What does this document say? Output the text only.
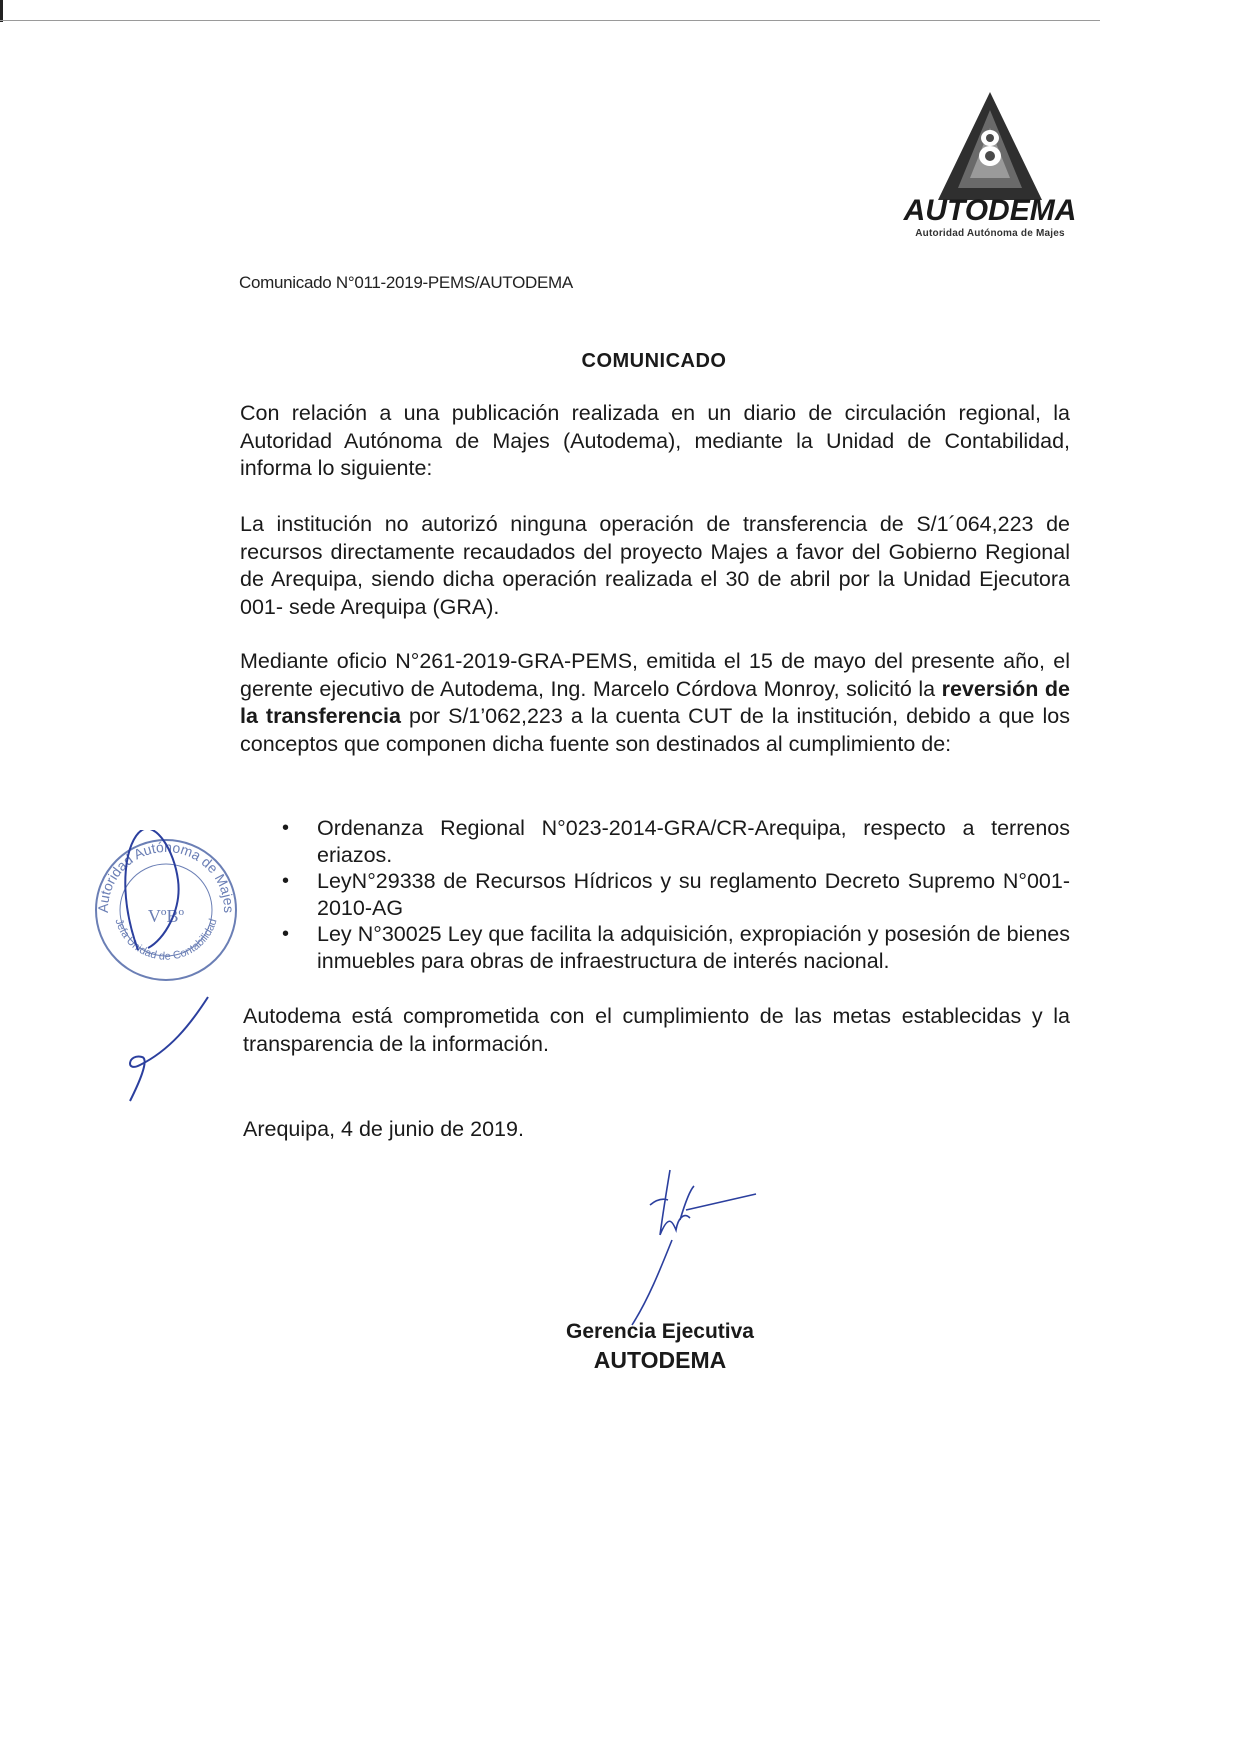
AUTODEMA
Autoridad Autónoma de Majes
Comunicado N°011-2019-PEMS/AUTODEMA
COMUNICADO
Con relación a una publicación realizada en un diario de circulación regional, la Autoridad Autónoma de Majes (Autodema), mediante la Unidad de Contabilidad, informa lo siguiente:
La institución no autorizó ninguna operación de transferencia de S/1´064,223 de recursos directamente recaudados del proyecto Majes a favor del Gobierno Regional de Arequipa, siendo dicha operación realizada el 30 de abril por la Unidad Ejecutora 001- sede Arequipa (GRA).
Mediante oficio N°261-2019-GRA-PEMS, emitida el 15 de mayo del presente año, el gerente ejecutivo de Autodema, Ing. Marcelo Córdova Monroy, solicitó la reversión de la transferencia por S/1’062,223 a la cuenta CUT de la institución, debido a que los conceptos que componen dicha fuente son destinados al cumplimiento de:
• Ordenanza Regional N°023-2014-GRA/CR-Arequipa, respecto a terrenos eriazos.
• LeyN°29338 de Recursos Hídricos y su reglamento Decreto Supremo N°001-2010-AG
• Ley N°30025 Ley que facilita la adquisición, expropiación y posesión de bienes inmuebles para obras de infraestructura de interés nacional.
Autodema está comprometida con el cumplimiento de las metas establecidas y la transparencia de la información.
Arequipa, 4 de junio de 2019.
Autoridad Autónoma de Majes
Jefa Unidad de Contabilidad
VºBº
Gerencia Ejecutiva
AUTODEMA
